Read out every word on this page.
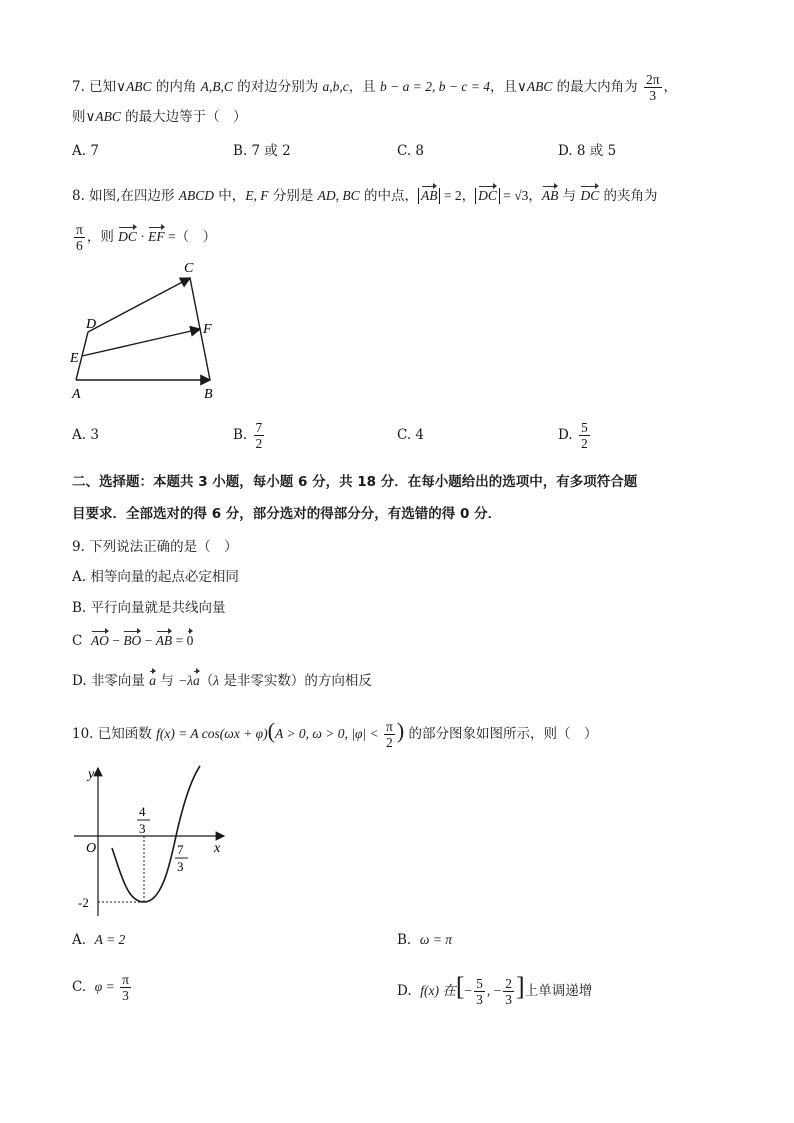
7. 已知∨ABC 的内角 A,B,C 的对边分别为 a,b,c，且 b − a = 2, b − c = 4，且∨ABC 的最大内角为 $\frac{2\pi}{3}$ ，
则∨ABC 的最大边等于（　）
A. 7	B. 7 或 2	C. 8	D. 8 或 5
8. 如图,在四边形 ABCD 中，E, F 分别是 AD, BC 的中点， AB = 2， DC = √3，AB 与 DC 的夹角为
$\frac{\pi}{6}$ ，则 DC · EF =（　）
C
D	F
E
A	B
A. 3	B. $\frac{7}{2}$	C. 4	D. $\frac{5}{2}$
二、选择题：本题共 3 小题，每小题 6 分，共 18 分．在每小题给出的选项中，有多项符合题
目要求．全部选对的得 6 分，部分选对的得部分分，有选错的得 0 分．
9. 下列说法正确的是（　）
A. 相等向量的起点必定相同
B. 平行向量就是共线向量
C AO − BO − AB = 0
D. 非零向量 a 与 −λa（λ 是非零实数）的方向相反
10. 已知函数 f(x) = A cos(ωx + φ)(A > 0, ω > 0, $|\varphi| < \frac{\pi}{2}$ ) 的部分图象如图所示，则（　）
y
x
O
4
3
7
3
-2
A. A = 2	B. ω = π
C. $\varphi = \frac{\pi}{3}$	D. f(x) 在[− $\frac{5}{3}$ , − $\frac{2}{3}$ ]上单调递增
